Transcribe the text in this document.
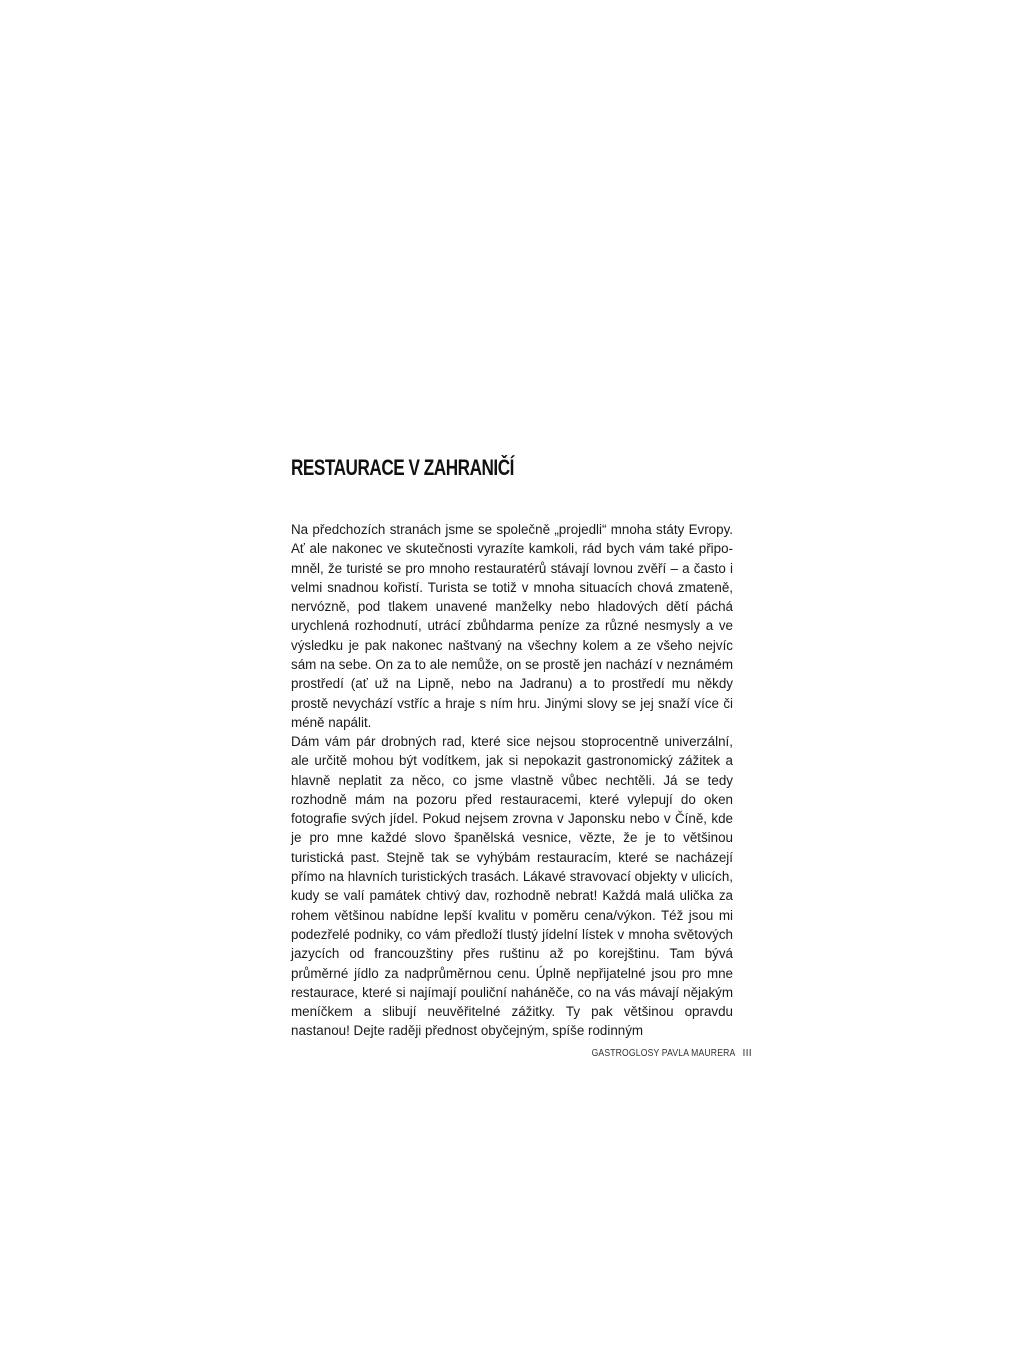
RESTAURACE V ZAHRANIČÍ

Na předchozích stranách jsme se společně „projedli“ mnoha státy Evropy. Ať ale nakonec ve skutečnosti vyrazíte kamkoli, rád bych vám také připomněl, že turisté se pro mnoho restauratérů stávají lovnou zvěří – a často i velmi snadnou kořistí. Turista se totiž v mnoha situacích chová zmateně, nervózně, pod tlakem unavené manželky nebo hladových dětí páchá urychlená rozhodnutí, utrácí zbůhdarma peníze za různé nesmysly a ve výsledku je pak nakonec naštvaný na všechny kolem a ze všeho nejvíc sám na sebe. On za to ale nemůže, on se prostě jen nachází v neznámém prostředí (ať už na Lipně, nebo na Jadranu) a to prostředí mu někdy prostě nevychází vstříc a hraje s ním hru. Jinými slovy se jej snaží více či méně napálit.

Dám vám pár drobných rad, které sice nejsou stoprocentně univerzální, ale určitě mohou být vodítkem, jak si nepokazit gastronomický zážitek a hlavně neplatit za něco, co jsme vlastně vůbec nechtěli. Já se tedy rozhodně mám na pozoru před restauracemi, které vylepují do oken fotografie svých jídel. Pokud nejsem zrovna v Japonsku nebo v Číně, kde je pro mne každé slovo španělská vesnice, vězte, že je to většinou turistická past. Stejně tak se vyhýbám restauracím, které se nacházejí přímo na hlavních turistických trasách. Lákavé stravovací objekty v ulicích, kudy se valí památek chtivý dav, rozhodně nebrat! Každá malá ulička za rohem většinou nabídne lepší kvalitu v poměru cena/výkon. Též jsou mi podezřelé podniky, co vám předloží tlustý jídelní lístek v mnoha světových jazycích od francouzštiny přes ruštinu až po korejštinu. Tam bývá průměrné jídlo za nadprůměrnou cenu. Úplně nepřijatelné jsou pro mne restaurace, které si najímají pouliční naháněče, co na vás mávají nějakým meníčkem a slibují neuvěřitelné zážitky. Ty pak většinou opravdu nastanou! Dejte raději přednost obyčejným, spíše rodinným

GASTROGLOSY PAVLA MAURERA III
